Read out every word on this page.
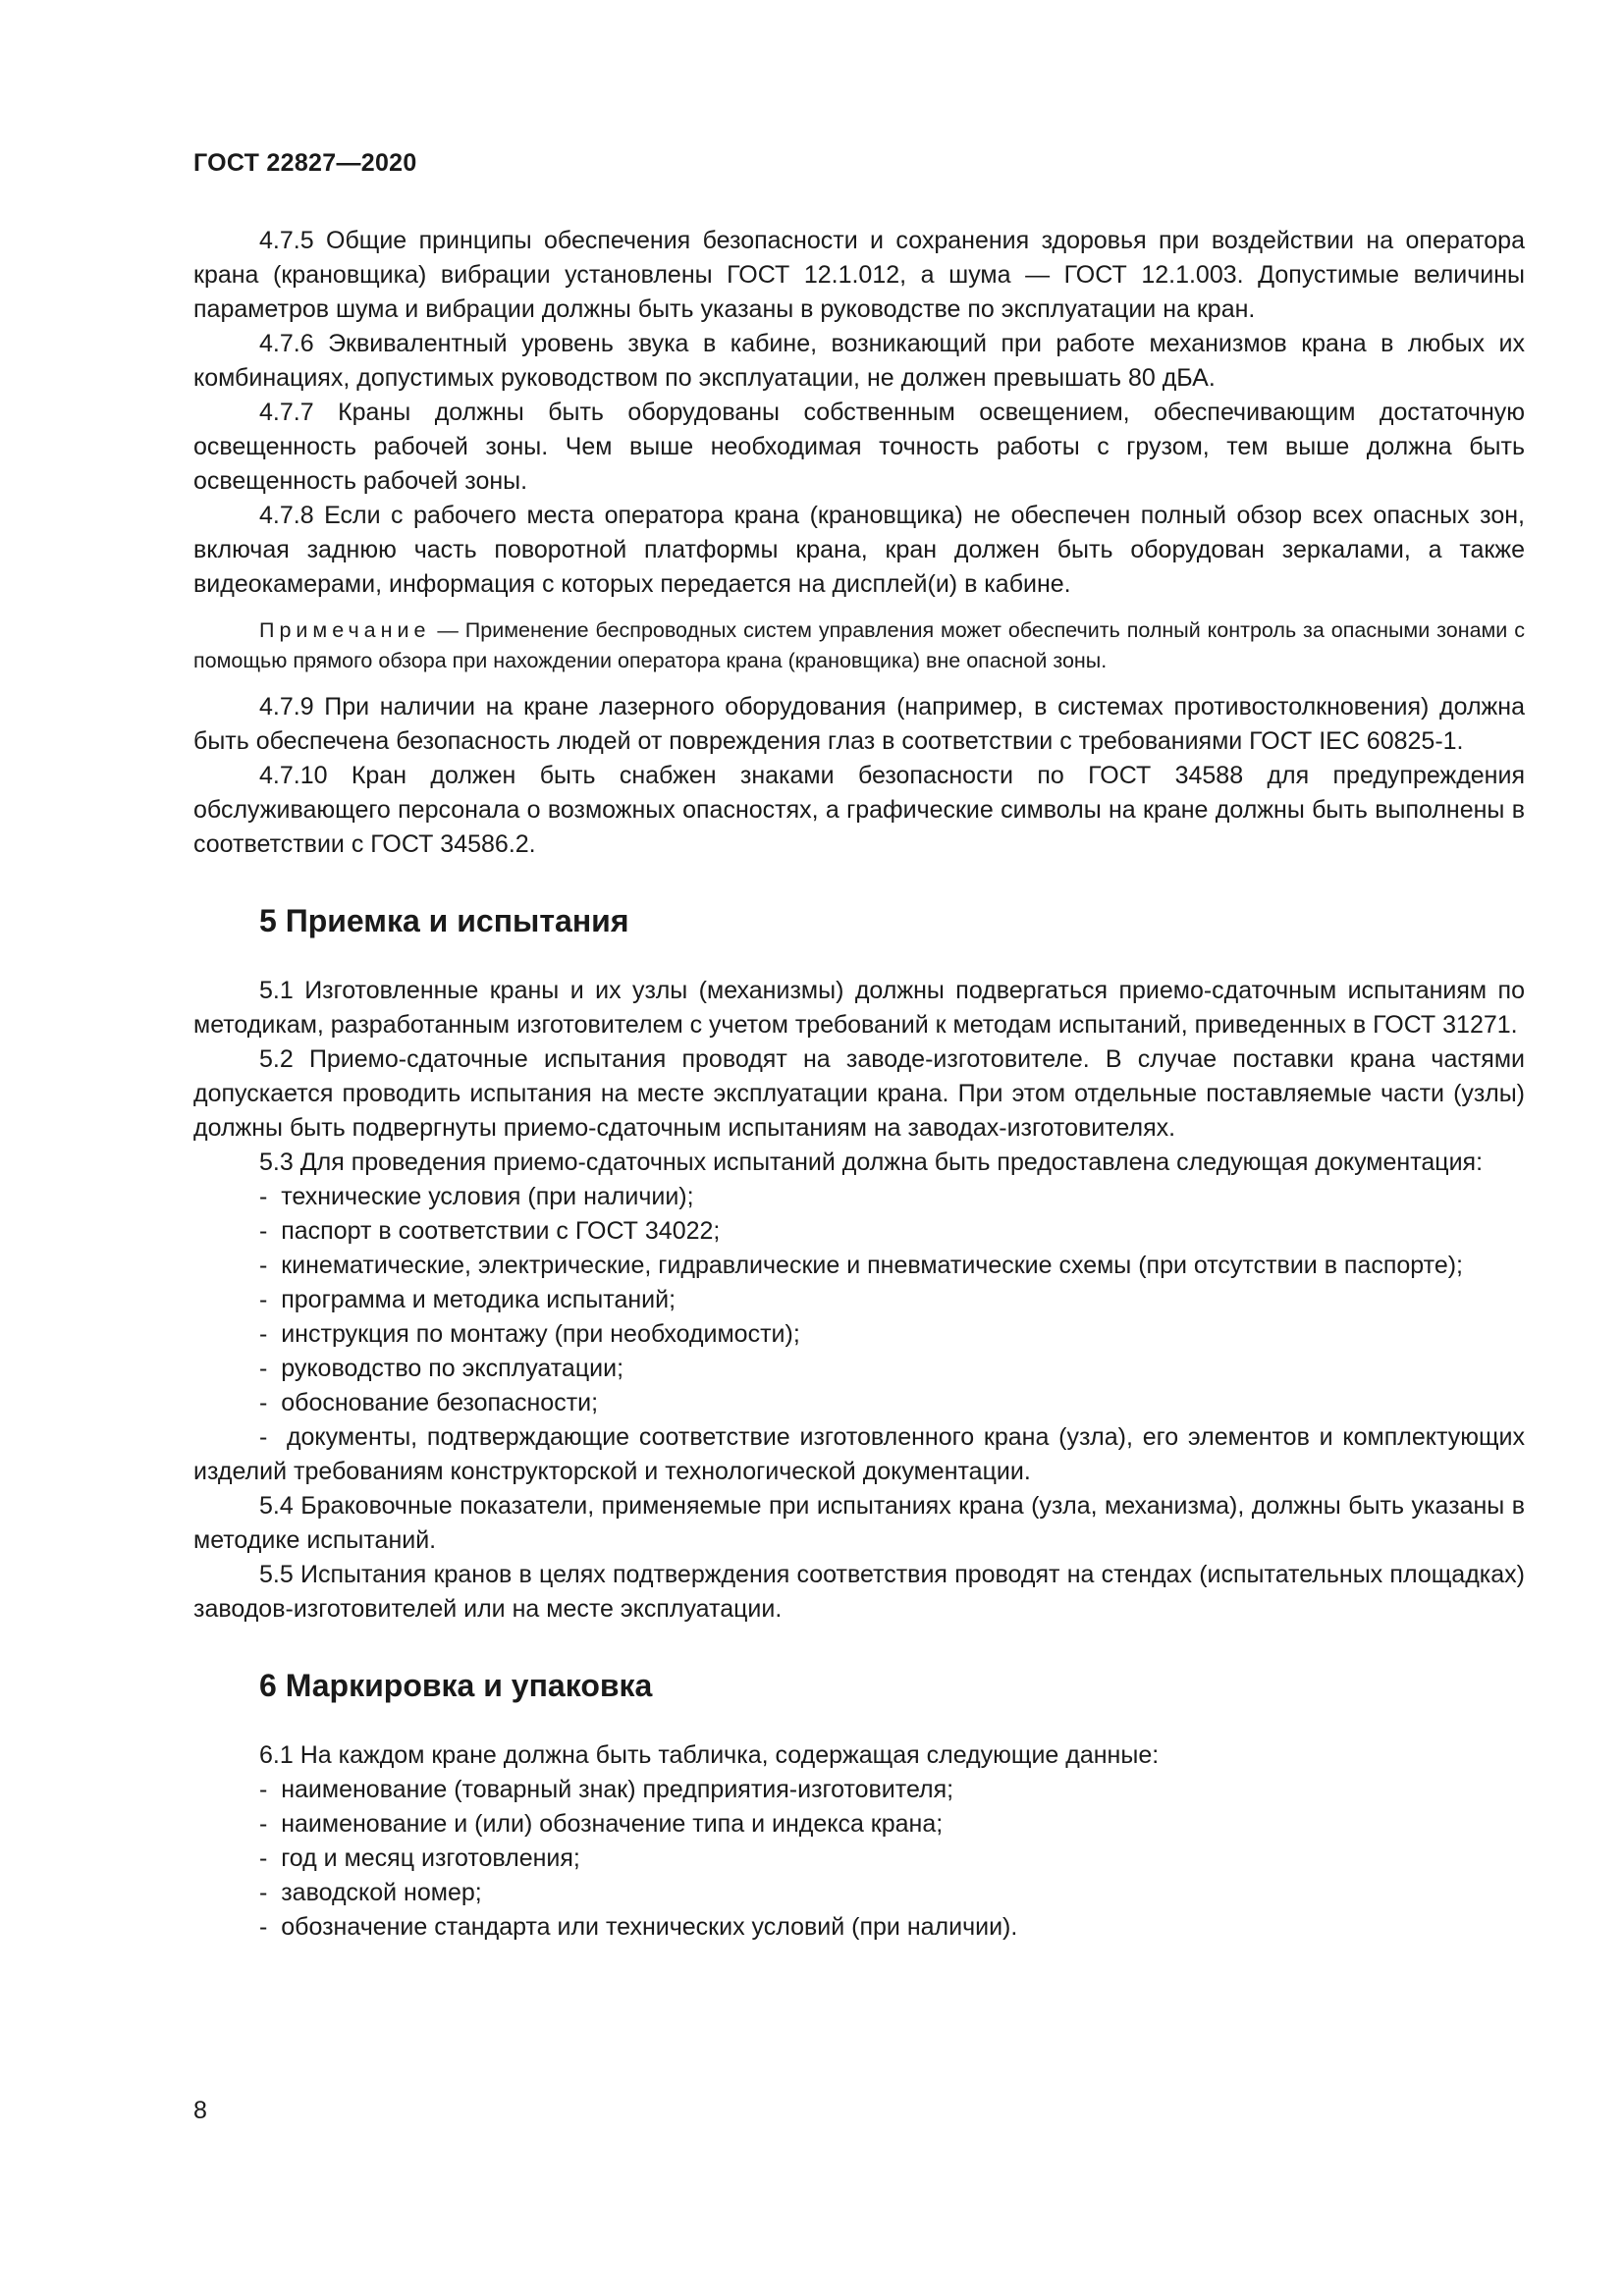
ГОСТ 22827—2020

4.7.5 Общие принципы обеспечения безопасности и сохранения здоровья при воздействии на оператора крана (крановщика) вибрации установлены ГОСТ 12.1.012, а шума — ГОСТ 12.1.003. Допустимые величины параметров шума и вибрации должны быть указаны в руководстве по эксплуатации на кран.

4.7.6 Эквивалентный уровень звука в кабине, возникающий при работе механизмов крана в любых их комбинациях, допустимых руководством по эксплуатации, не должен превышать 80 дБА.

4.7.7 Краны должны быть оборудованы собственным освещением, обеспечивающим достаточную освещенность рабочей зоны. Чем выше необходимая точность работы с грузом, тем выше должна быть освещенность рабочей зоны.

4.7.8 Если с рабочего места оператора крана (крановщика) не обеспечен полный обзор всех опасных зон, включая заднюю часть поворотной платформы крана, кран должен быть оборудован зеркалами, а также видеокамерами, информация с которых передается на дисплей(и) в кабине.

Примечание — Применение беспроводных систем управления может обеспечить полный контроль за опасными зонами с помощью прямого обзора при нахождении оператора крана (крановщика) вне опасной зоны.

4.7.9 При наличии на кране лазерного оборудования (например, в системах противостолкновения) должна быть обеспечена безопасность людей от повреждения глаз в соответствии с требованиями ГОСТ IEC 60825-1.

4.7.10 Кран должен быть снабжен знаками безопасности по ГОСТ 34588 для предупреждения обслуживающего персонала о возможных опасностях, а графические символы на кране должны быть выполнены в соответствии с ГОСТ 34586.2.

5 Приемка и испытания

5.1 Изготовленные краны и их узлы (механизмы) должны подвергаться приемо-сдаточным испытаниям по методикам, разработанным изготовителем с учетом требований к методам испытаний, приведенных в ГОСТ 31271.

5.2 Приемо-сдаточные испытания проводят на заводе-изготовителе. В случае поставки крана частями допускается проводить испытания на месте эксплуатации крана. При этом отдельные поставляемые части (узлы) должны быть подвергнуты приемо-сдаточным испытаниям на заводах-изготовителях.

5.3 Для проведения приемо-сдаточных испытаний должна быть предоставлена следующая документация:

-  технические условия (при наличии);
-  паспорт в соответствии с ГОСТ 34022;
-  кинематические, электрические, гидравлические и пневматические схемы (при отсутствии в паспорте);
-  программа и методика испытаний;
-  инструкция по монтажу (при необходимости);
-  руководство по эксплуатации;
-  обоснование безопасности;
-  документы, подтверждающие соответствие изготовленного крана (узла), его элементов и комплектующих изделий требованиям конструкторской и технологической документации.

5.4 Браковочные показатели, применяемые при испытаниях крана (узла, механизма), должны быть указаны в методике испытаний.

5.5 Испытания кранов в целях подтверждения соответствия проводят на стендах (испытательных площадках) заводов-изготовителей или на месте эксплуатации.

6 Маркировка и упаковка

6.1 На каждом кране должна быть табличка, содержащая следующие данные:

-  наименование (товарный знак) предприятия-изготовителя;
-  наименование и (или) обозначение типа и индекса крана;
-  год и месяц изготовления;
-  заводской номер;
-  обозначение стандарта или технических условий (при наличии).
8
